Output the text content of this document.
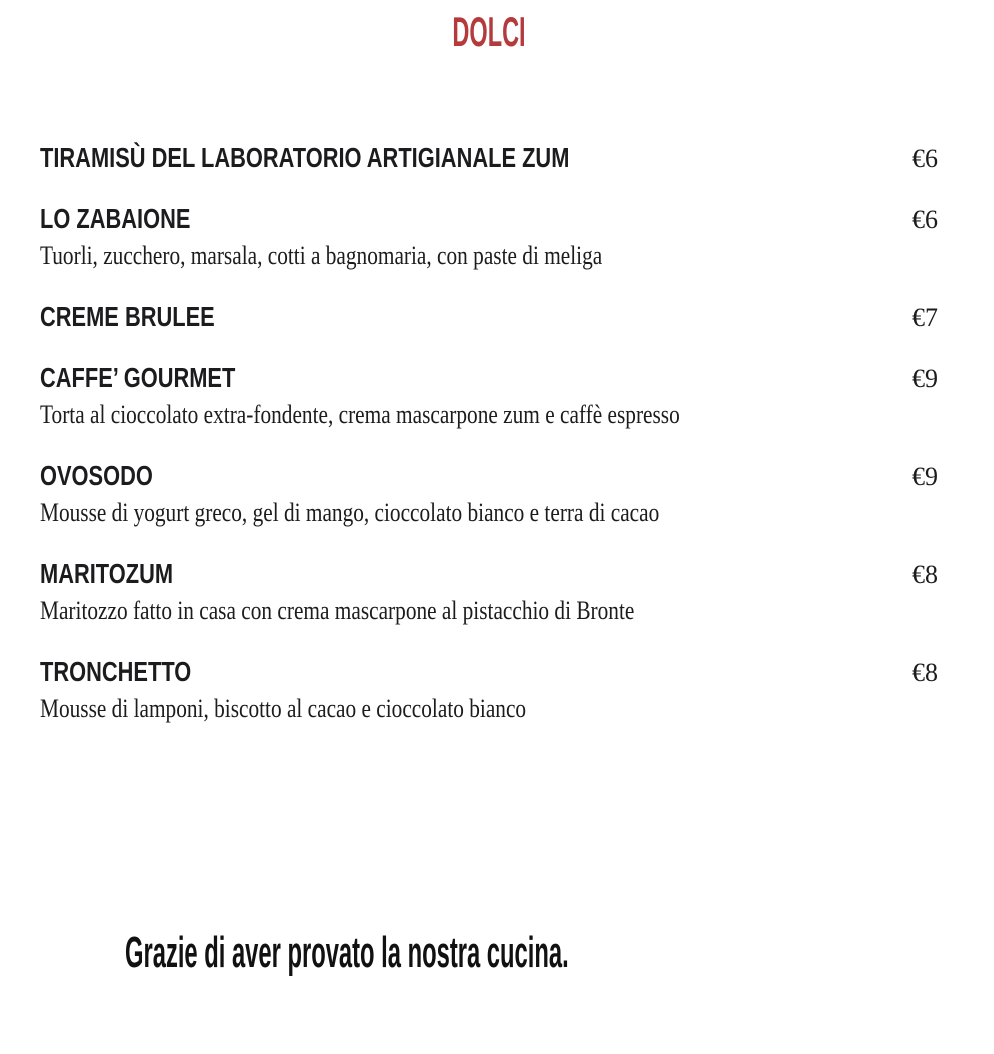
DOLCI
TIRAMISÙ DEL LABORATORIO ARTIGIANALE ZUM	€6
LO ZABAIONE	€6
Tuorli, zucchero, marsala, cotti a bagnomaria, con paste di meliga
CREME BRULEE	€7
CAFFE’ GOURMET	€9
Torta al cioccolato extra-fondente, crema mascarpone zum e caffè espresso
OVOSODO	€9
Mousse di yogurt greco, gel di mango, cioccolato bianco e terra di cacao
MARITOZUM	€8
Maritozzo fatto in casa con crema mascarpone al pistacchio di Bronte
TRONCHETTO	€8
Mousse di lamponi, biscotto al cacao e cioccolato bianco
Grazie di aver provato la nostra cucina.
